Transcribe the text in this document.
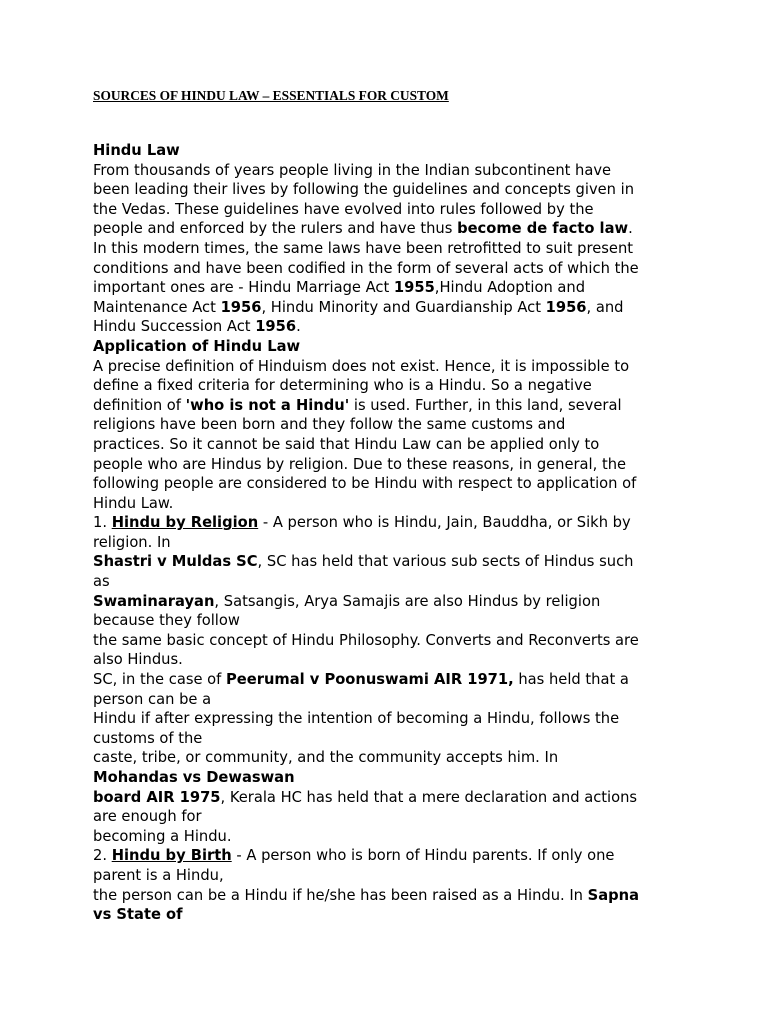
SOURCES OF HINDU LAW – ESSENTIALS FOR CUSTOM
Hindu Law
From thousands of years people living in the Indian subcontinent have
been leading their lives by following the guidelines and concepts given in
the Vedas. These guidelines have evolved into rules followed by the
people and enforced by the rulers and have thus become de facto law.
In this modern times, the same laws have been retrofitted to suit present
conditions and have been codified in the form of several acts of which the
important ones are - Hindu Marriage Act 1955,Hindu Adoption and
Maintenance Act 1956, Hindu Minority and Guardianship Act 1956, and
Hindu Succession Act 1956.
Application of Hindu Law
A precise definition of Hinduism does not exist. Hence, it is impossible to
define a fixed criteria for determining who is a Hindu. So a negative
definition of 'who is not a Hindu' is used. Further, in this land, several
religions have been born and they follow the same customs and
practices. So it cannot be said that Hindu Law can be applied only to
people who are Hindus by religion. Due to these reasons, in general, the
following people are considered to be Hindu with respect to application of
Hindu Law.
1. Hindu by Religion - A person who is Hindu, Jain, Bauddha, or Sikh by
religion. In
Shastri v Muldas SC, SC has held that various sub sects of Hindus such
as
Swaminarayan, Satsangis, Arya Samajis are also Hindus by religion
because they follow
the same basic concept of Hindu Philosophy. Converts and Reconverts are
also Hindus.
SC, in the case of Peerumal v Poonuswami AIR 1971, has held that a
person can be a
Hindu if after expressing the intention of becoming a Hindu, follows the
customs of the
caste, tribe, or community, and the community accepts him. In
Mohandas vs Dewaswan
board AIR 1975, Kerala HC has held that a mere declaration and actions
are enough for
becoming a Hindu.
2. Hindu by Birth - A person who is born of Hindu parents. If only one
parent is a Hindu,
the person can be a Hindu if he/she has been raised as a Hindu. In Sapna
vs State of
